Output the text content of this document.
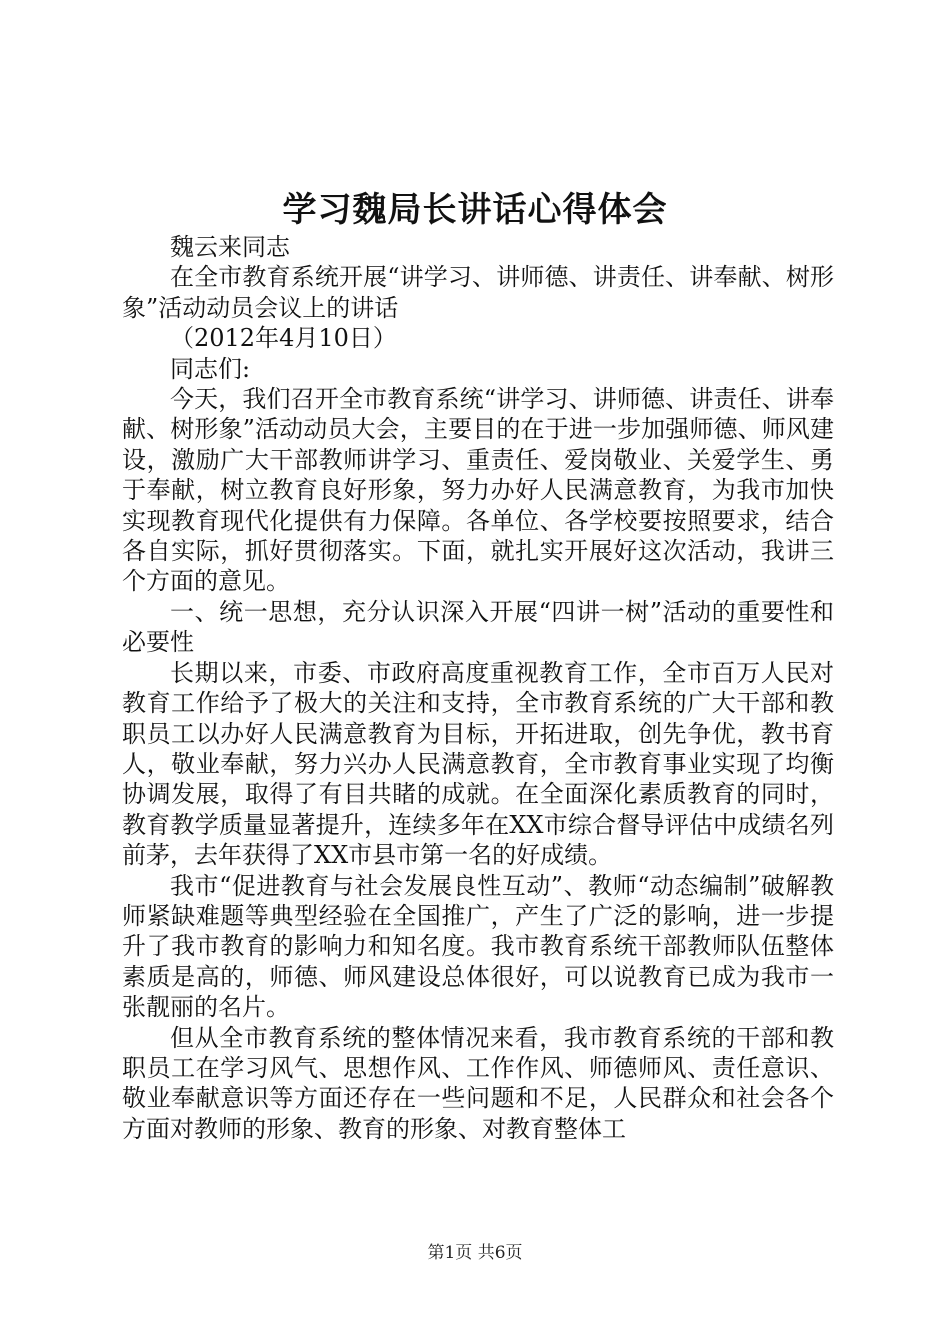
学习魏局长讲话心得体会

魏云来同志

在全市教育系统开展“讲学习、讲师德、讲责任、讲奉献、树形象”活动动员会议上的讲话

（2012年4月10日）

同志们:

今天，我们召开全市教育系统“讲学习、讲师德、讲责任、讲奉献、树形象”活动动员大会，主要目的在于进一步加强师德、师风建设，激励广大干部教师讲学习、重责任、爱岗敬业、关爱学生、勇于奉献，树立教育良好形象，努力办好人民满意教育，为我市加快实现教育现代化提供有力保障。各单位、各学校要按照要求，结合各自实际，抓好贯彻落实。下面，就扎实开展好这次活动，我讲三个方面的意见。

一、统一思想，充分认识深入开展“四讲一树”活动的重要性和必要性

长期以来，市委、市政府高度重视教育工作，全市百万人民对教育工作给予了极大的关注和支持，全市教育系统的广大干部和教职员工以办好人民满意教育为目标，开拓进取，创先争优，教书育人，敬业奉献，努力兴办人民满意教育，全市教育事业实现了均衡协调发展，取得了有目共睹的成就。在全面深化素质教育的同时，教育教学质量显著提升，连续多年在XX市综合督导评估中成绩名列前茅，去年获得了XX市县市第一名的好成绩。

我市“促进教育与社会发展良性互动”、教师“动态编制”破解教师紧缺难题等典型经验在全国推广，产生了广泛的影响，进一步提升了我市教育的影响力和知名度。我市教育系统干部教师队伍整体素质是高的，师德、师风建设总体很好，可以说教育已成为我市一张靓丽的名片。

但从全市教育系统的整体情况来看，我市教育系统的干部和教职员工在学习风气、思想作风、工作作风、师德师风、责任意识、敬业奉献意识等方面还存在一些问题和不足，人民群众和社会各个方面对教师的形象、教育的形象、对教育整体工

第1页 共6页
